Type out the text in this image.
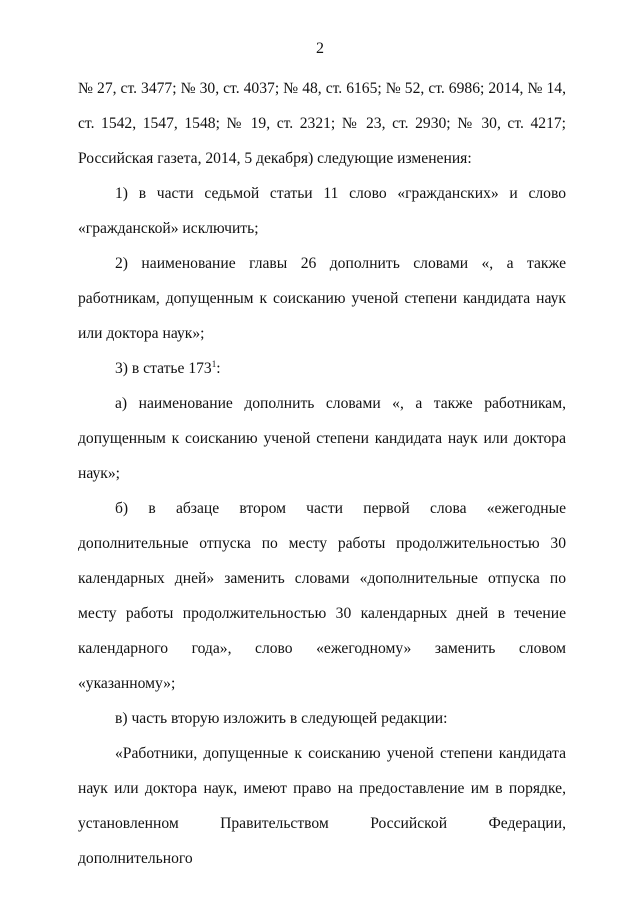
2

№ 27, ст. 3477; № 30, ст. 4037; № 48, ст. 6165; № 52, ст. 6986; 2014, № 14, ст. 1542, 1547, 1548; № 19, ст. 2321; № 23, ст. 2930; № 30, ст. 4217; Российская газета, 2014, 5 декабря) следующие изменения:

1) в части седьмой статьи 11 слово «гражданских» и слово «гражданской» исключить;

2) наименование главы 26 дополнить словами «, а также работникам, допущенным к соисканию ученой степени кандидата наук или доктора наук»;

3) в статье $173^1$:

а) наименование дополнить словами «, а также работникам, допущенным к соисканию ученой степени кандидата наук или доктора наук»;

б) в абзаце втором части первой слова «ежегодные дополнительные отпуска по месту работы продолжительностью 30 календарных дней» заменить словами «дополнительные отпуска по месту работы продолжительностью 30 календарных дней в течение календарного года», слово «ежегодному» заменить словом «указанному»;

в) часть вторую изложить в следующей редакции:

«Работники, допущенные к соисканию ученой степени кандидата наук или доктора наук, имеют право на предоставление им в порядке, установленном Правительством Российской Федерации, дополнительного
